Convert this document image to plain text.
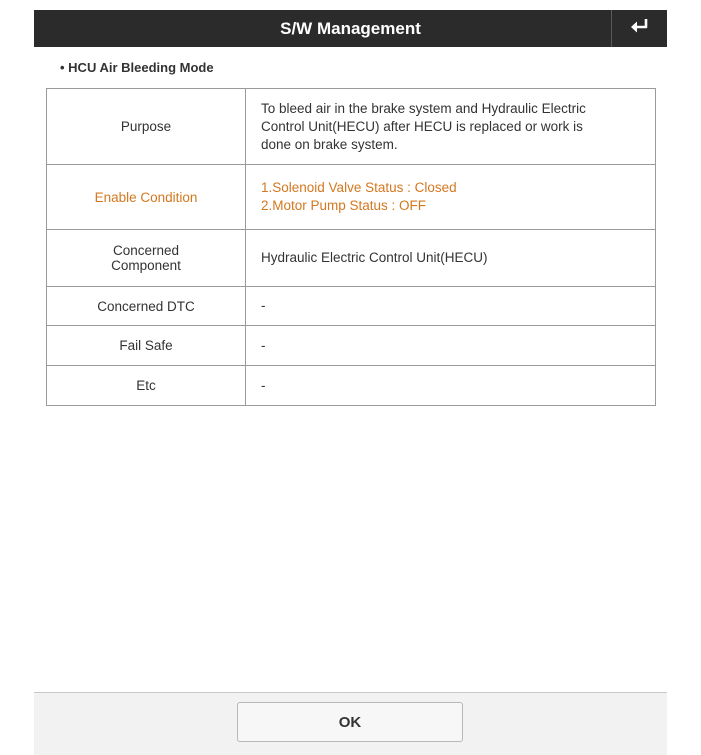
S/W Management
• HCU Air Bleeding Mode
Purpose	To bleed air in the brake system and Hydraulic Electric
Control Unit(HECU) after HECU is replaced or work is
done on brake system.

Enable Condition	1.Solenoid Valve Status : Closed
2.Motor Pump Status : OFF

Concerned
Component	Hydraulic Electric Control Unit(HECU)

Concerned DTC	-

Fail Safe	-

Etc	-
OK
